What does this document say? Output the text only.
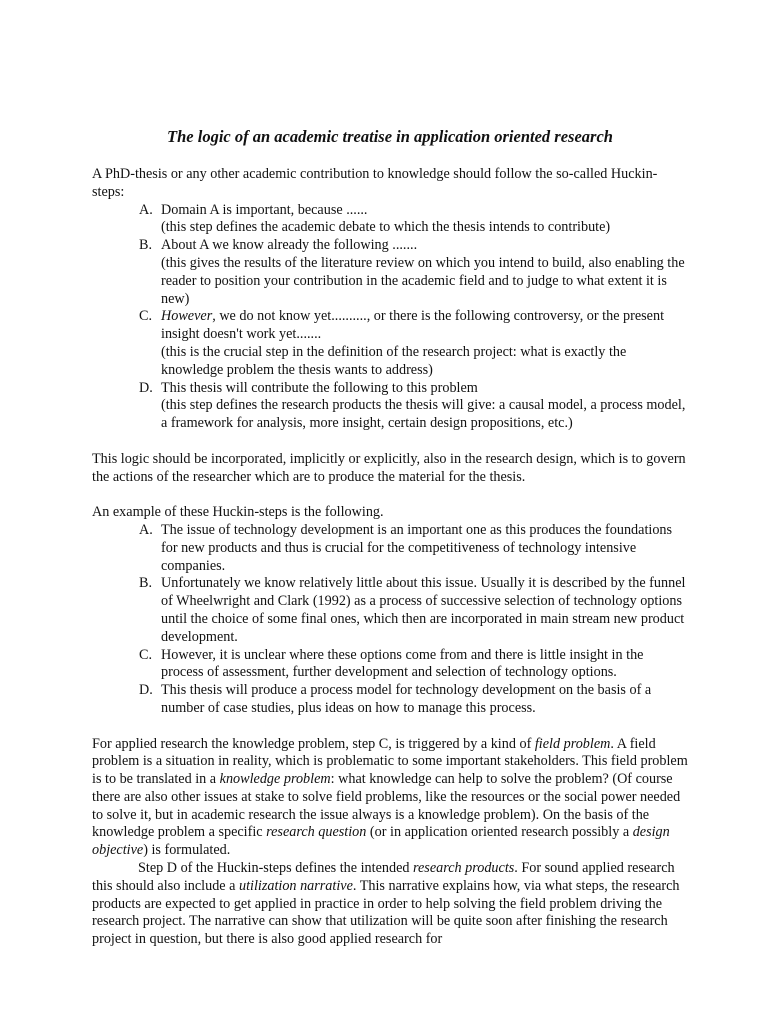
The logic of an academic treatise in application oriented research

A PhD-thesis or any other academic contribution to knowledge should follow the so-called Huckin-steps:

A. Domain A is important, because ......
(this step defines the academic debate to which the thesis intends to contribute)
B. About A we know already the following .......
(this gives the results of the literature review on which you intend to build, also enabling the reader to position your contribution in the academic field and to judge to what extent it is new)
C. However, we do not know yet.........., or there is the following controversy, or the present insight doesn't work yet.......
(this is the crucial step in the definition of the research project: what is exactly the knowledge problem the thesis wants to address)
D. This thesis will contribute the following to this problem
(this step defines the research products the thesis will give: a causal model, a process model, a framework for analysis, more insight, certain design propositions, etc.)

This logic should be incorporated, implicitly or explicitly, also in the research design, which is to govern the actions of the researcher which are to produce the material for the thesis.

An example of these Huckin-steps is the following.

A. The issue of technology development is an important one as this produces the foundations for new products and thus is crucial for the competitiveness of technology intensive companies.
B. Unfortunately we know relatively little about this issue. Usually it is described by the funnel of Wheelwright and Clark (1992) as a process of successive selection of technology options until the choice of some final ones, which then are incorporated in main stream new product development.
C. However, it is unclear where these options come from and there is little insight in the process of assessment, further development and selection of technology options.
D. This thesis will produce a process model for technology development on the basis of a number of case studies, plus ideas on how to manage this process.

For applied research the knowledge problem, step C, is triggered by a kind of field problem. A field problem is a situation in reality, which is problematic to some important stakeholders. This field problem is to be translated in a knowledge problem: what knowledge can help to solve the problem? (Of course there are also other issues at stake to solve field problems, like the resources or the social power needed to solve it, but in academic research the issue always is a knowledge problem). On the basis of the knowledge problem a specific research question (or in application oriented research possibly a design objective) is formulated.

Step D of the Huckin-steps defines the intended research products. For sound applied research this should also include a utilization narrative. This narrative explains how, via what steps, the research products are expected to get applied in practice in order to help solving the field problem driving the research project. The narrative can show that utilization will be quite soon after finishing the research project in question, but there is also good applied research for
